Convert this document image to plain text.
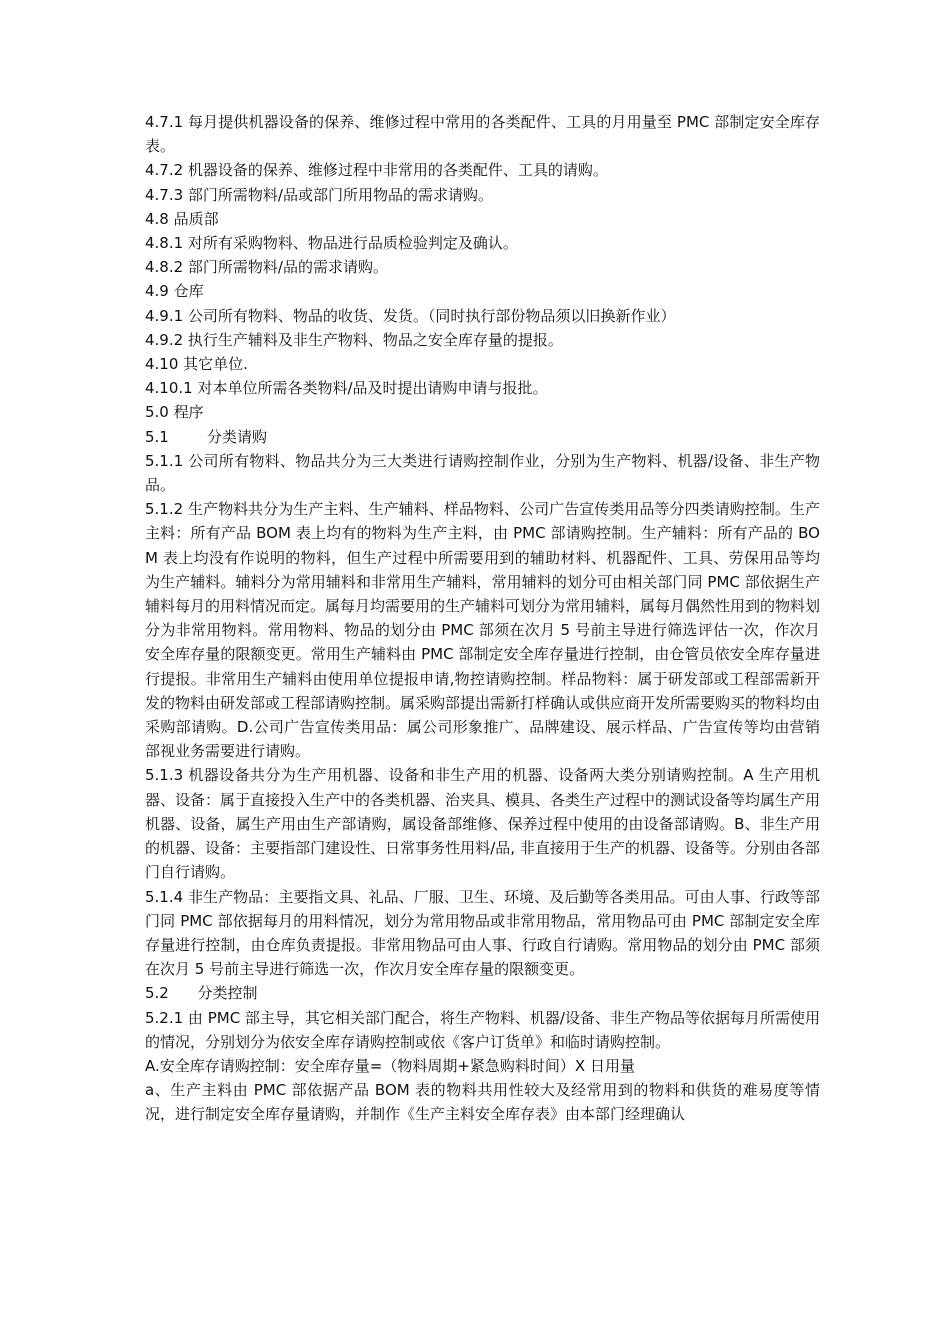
4.7.1 每月提供机器设备的保养、维修过程中常用的各类配件、工具的月用量至 PMC 部制定安全库存表。

4.7.2 机器设备的保养、维修过程中非常用的各类配件、工具的请购。

4.7.3 部门所需物料/品或部门所用物品的需求请购。

4.8 品质部

4.8.1 对所有采购物料、物品进行品质检验判定及确认。

4.8.2 部门所需物料/品的需求请购。

4.9 仓库

4.9.1 公司所有物料、物品的收货、发货。（同时执行部份物品须以旧换新作业）

4.9.2 执行生产辅料及非生产物料、物品之安全库存量的提报。

4.10 其它单位.

4.10.1 对本单位所需各类物料/品及时提出请购申请与报批。

5.0 程序

5.1        分类请购

5.1.1 公司所有物料、物品共分为三大类进行请购控制作业，分别为生产物料、机器/设备、非生产物品。

5.1.2 生产物料共分为生产主料、生产辅料、样品物料、公司广告宣传类用品等分四类请购控制。生产主料：所有产品 BOM 表上均有的物料为生产主料，由 PMC 部请购控制。生产辅料：所有产品的 BOM 表上均没有作说明的物料，但生产过程中所需要用到的辅助材料、机器配件、工具、劳保用品等均为生产辅料。辅料分为常用辅料和非常用生产辅料，常用辅料的划分可由相关部门同 PMC 部依据生产辅料每月的用料情况而定。属每月均需要用的生产辅料可划分为常用辅料，属每月偶然性用到的物料划分为非常用物料。常用物料、物品的划分由 PMC 部须在次月 5 号前主导进行筛选评估一次，作次月安全库存量的限额变更。常用生产辅料由 PMC 部制定安全库存量进行控制，由仓管员依安全库存量进行提报。非常用生产辅料由使用单位提报申请,物控请购控制。样品物料：属于研发部或工程部需新开发的物料由研发部或工程部请购控制。属采购部提出需新打样确认或供应商开发所需要购买的物料均由采购部请购。D.公司广告宣传类用品：属公司形象推广、品牌建设、展示样品、广告宣传等均由营销部视业务需要进行请购。

5.1.3 机器设备共分为生产用机器、设备和非生产用的机器、设备两大类分别请购控制。A 生产用机器、设备：属于直接投入生产中的各类机器、治夹具、模具、各类生产过程中的测试设备等均属生产用机器、设备，属生产用由生产部请购，属设备部维修、保养过程中使用的由设备部请购。B、非生产用的机器、设备：主要指部门建设性、日常事务性用料/品, 非直接用于生产的机器、设备等。分别由各部门自行请购。

5.1.4 非生产物品：主要指文具、礼品、厂服、卫生、环境、及后勤等各类用品。可由人事、行政等部门同 PMC 部依据每月的用料情况，划分为常用物品或非常用物品，常用物品可由 PMC 部制定安全库存量进行控制，由仓库负责提报。非常用物品可由人事、行政自行请购。常用物品的划分由 PMC 部须在次月 5 号前主导进行筛选一次，作次月安全库存量的限额变更。

5.2      分类控制

5.2.1 由 PMC 部主导，其它相关部门配合，将生产物料、机器/设备、非生产物品等依据每月所需使用的情况，分别划分为依安全库存请购控制或依《客户订货单》和临时请购控制。

A.安全库存请购控制：安全库存量=（物料周期+紧急购料时间）X 日用量

a、生产主料由 PMC 部依据产品 BOM 表的物料共用性较大及经常用到的物料和供货的难易度等情况，进行制定安全库存量请购，并制作《生产主料安全库存表》由本部门经理确认
